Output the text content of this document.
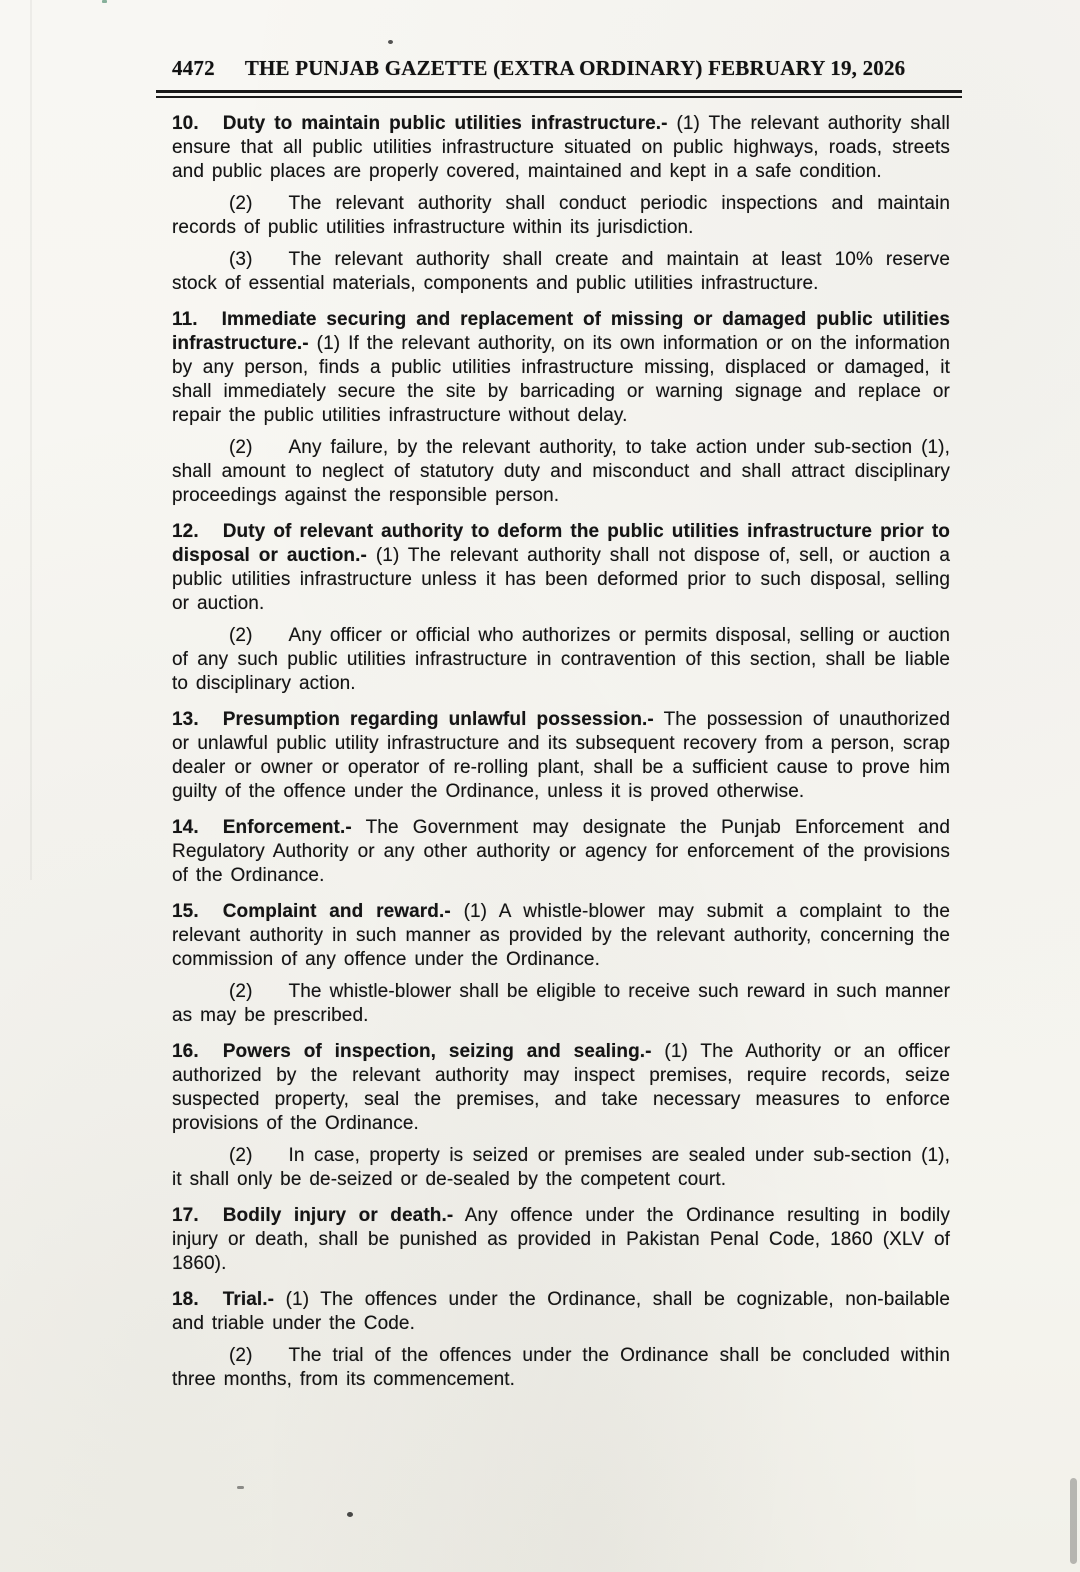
4472 THE PUNJAB GAZETTE (EXTRA ORDINARY) FEBRUARY 19, 2026

10. Duty to maintain public utilities infrastructure.- (1) The relevant authority shall ensure that all public utilities infrastructure situated on public highways, roads, streets and public places are properly covered, maintained and kept in a safe condition.

(2) The relevant authority shall conduct periodic inspections and maintain records of public utilities infrastructure within its jurisdiction.

(3) The relevant authority shall create and maintain at least 10% reserve stock of essential materials, components and public utilities infrastructure.

11. Immediate securing and replacement of missing or damaged public utilities infrastructure.- (1) If the relevant authority, on its own information or on the information by any person, finds a public utilities infrastructure missing, displaced or damaged, it shall immediately secure the site by barricading or warning signage and replace or repair the public utilities infrastructure without delay.

(2) Any failure, by the relevant authority, to take action under sub-section (1), shall amount to neglect of statutory duty and misconduct and shall attract disciplinary proceedings against the responsible person.

12. Duty of relevant authority to deform the public utilities infrastructure prior to disposal or auction.- (1) The relevant authority shall not dispose of, sell, or auction a public utilities infrastructure unless it has been deformed prior to such disposal, selling or auction.

(2) Any officer or official who authorizes or permits disposal, selling or auction of any such public utilities infrastructure in contravention of this section, shall be liable to disciplinary action.

13. Presumption regarding unlawful possession.- The possession of unauthorized or unlawful public utility infrastructure and its subsequent recovery from a person, scrap dealer or owner or operator of re-rolling plant, shall be a sufficient cause to prove him guilty of the offence under the Ordinance, unless it is proved otherwise.

14. Enforcement.- The Government may designate the Punjab Enforcement and Regulatory Authority or any other authority or agency for enforcement of the provisions of the Ordinance.

15. Complaint and reward.- (1) A whistle-blower may submit a complaint to the relevant authority in such manner as provided by the relevant authority, concerning the commission of any offence under the Ordinance.

(2) The whistle-blower shall be eligible to receive such reward in such manner as may be prescribed.

16. Powers of inspection, seizing and sealing.- (1) The Authority or an officer authorized by the relevant authority may inspect premises, require records, seize suspected property, seal the premises, and take necessary measures to enforce provisions of the Ordinance.

(2) In case, property is seized or premises are sealed under sub-section (1), it shall only be de-seized or de-sealed by the competent court.

17. Bodily injury or death.- Any offence under the Ordinance resulting in bodily injury or death, shall be punished as provided in Pakistan Penal Code, 1860 (XLV of 1860).

18. Trial.- (1) The offences under the Ordinance, shall be cognizable, non-bailable and triable under the Code.

(2) The trial of the offences under the Ordinance shall be concluded within three months, from its commencement.
